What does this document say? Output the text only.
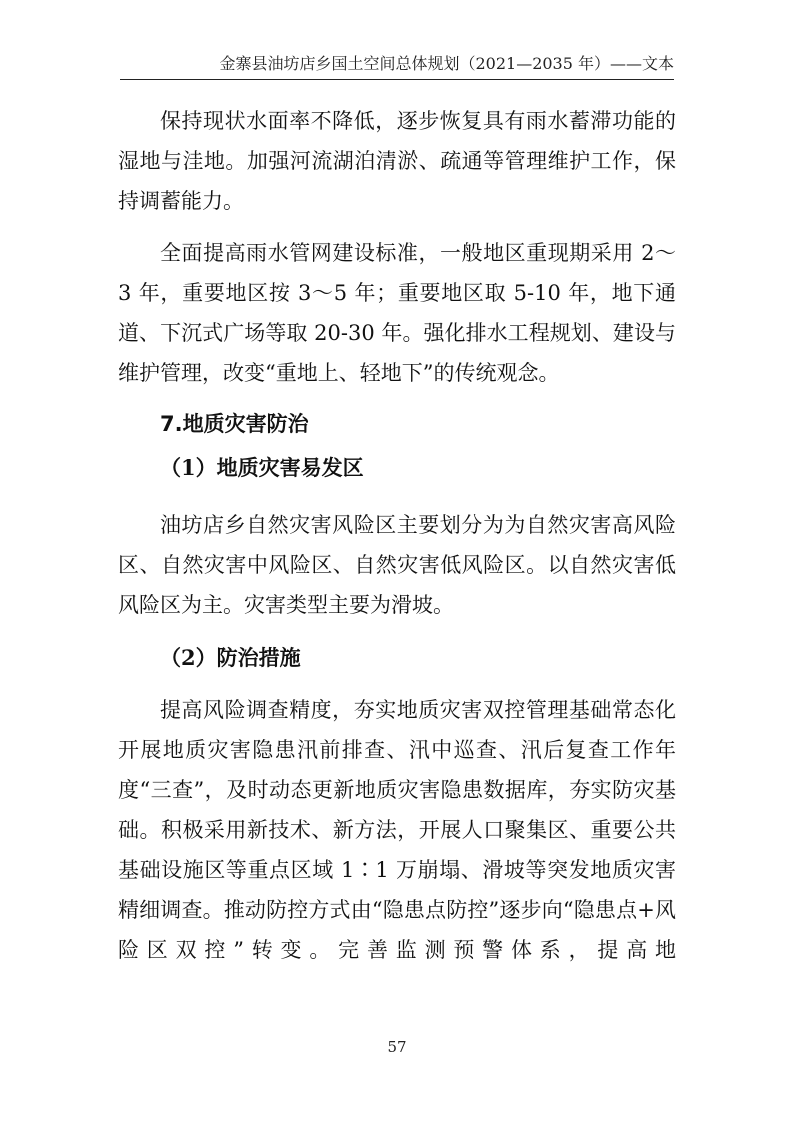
金寨县油坊店乡国土空间总体规划（2021—2035 年）——文本

保持现状水面率不降低，逐步恢复具有雨水蓄滞功能的湿地与洼地。加强河流湖泊清淤、疏通等管理维护工作，保持调蓄能力。

全面提高雨水管网建设标准，一般地区重现期采用 2～3 年，重要地区按 3～5 年；重要地区取 5-10 年，地下通道、下沉式广场等取 20-30 年。强化排水工程规划、建设与维护管理，改变“重地上、轻地下”的传统观念。

7.地质灾害防治
（1）地质灾害易发区

油坊店乡自然灾害风险区主要划分为为自然灾害高风险区、自然灾害中风险区、自然灾害低风险区。以自然灾害低风险区为主。灾害类型主要为滑坡。

（2）防治措施

提高风险调查精度，夯实地质灾害双控管理基础常态化开展地质灾害隐患汛前排查、汛中巡查、汛后复查工作年度“三查”，及时动态更新地质灾害隐患数据库，夯实防灾基础。积极采用新技术、新方法，开展人口聚集区、重要公共基础设施区等重点区域 1∶1 万崩塌、滑坡等突发地质灾害精细调查。推动防控方式由“隐患点防控”逐步向“隐患点+风险区双控”转变。完善监测预警体系，提高地

57
